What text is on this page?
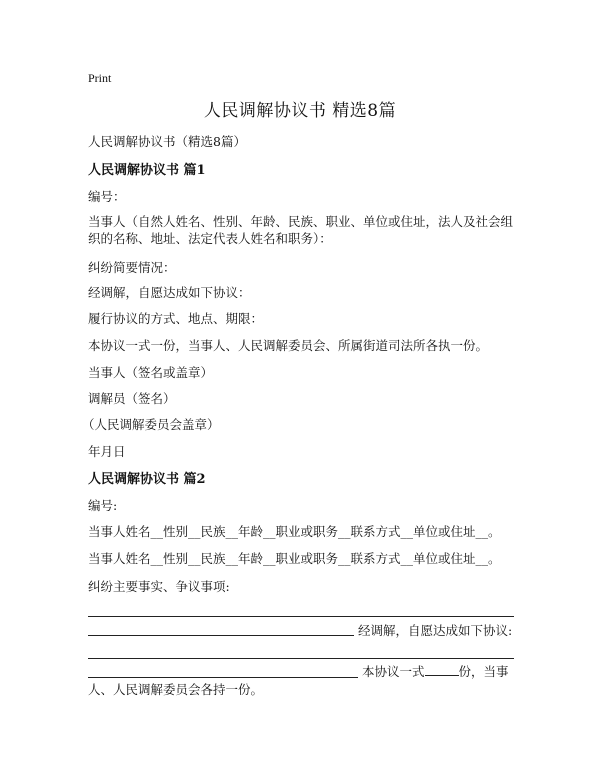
Print
人民调解协议书 精选8篇
人民调解协议书（精选8篇）
人民调解协议书 篇1
编号：
当事人（自然人姓名、性别、年龄、民族、职业、单位或住址，法人及社会组织的名称、地址、法定代表人姓名和职务）：
纠纷简要情况：
经调解，自愿达成如下协议：
履行协议的方式、地点、期限：
本协议一式一份，当事人、人民调解委员会、所属街道司法所各执一份。
当事人（签名或盖章）
调解员（签名）
（人民调解委员会盖章）
年月日
人民调解协议书 篇2
编号:
当事人姓名__性别__民族__年龄__职业或职务__联系方式__单位或住址__。
当事人姓名__性别__民族__年龄__职业或职务__联系方式__单位或住址__。
纠纷主要事实、争议事项:
经调解，自愿达成如下协议:
本协议一式	份，当事
人、人民调解委员会各持一份。
